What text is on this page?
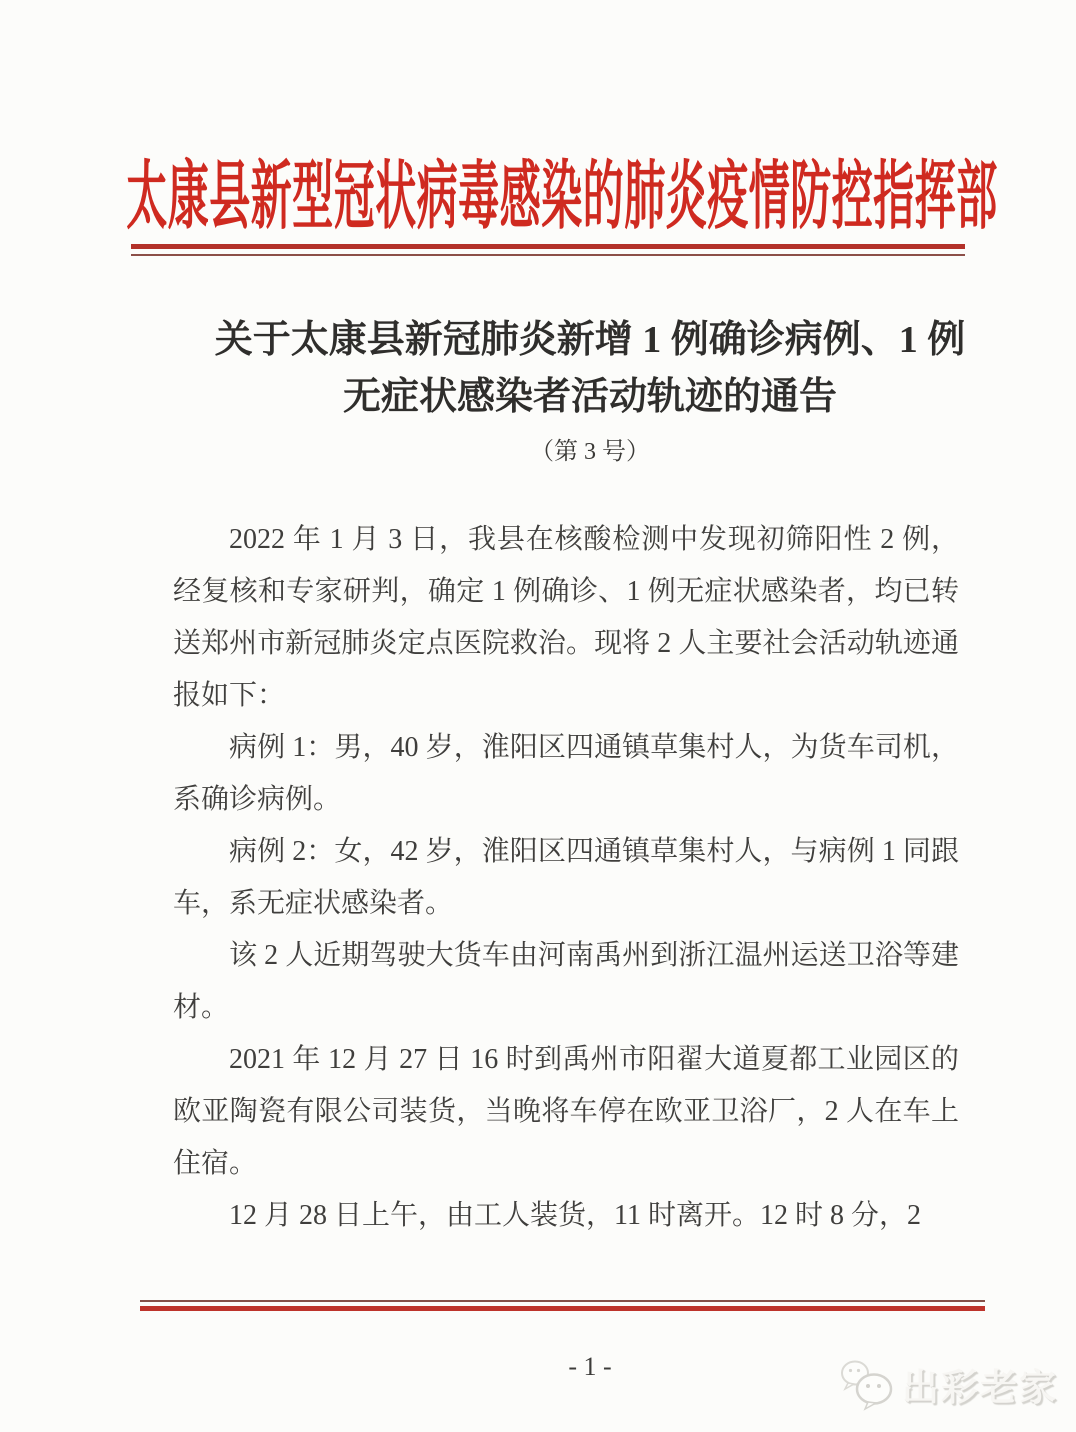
太康县新型冠状病毒感染的肺炎疫情防控指挥部
关于太康县新冠肺炎新增 1 例确诊病例、1 例
无症状感染者活动轨迹的通告
（第 3 号）

2022 年 1 月 3 日，我县在核酸检测中发现初筛阳性 2 例，经复核和专家研判，确定 1 例确诊、1 例无症状感染者，均已转送郑州市新冠肺炎定点医院救治。现将 2 人主要社会活动轨迹通报如下：

病例 1：男，40 岁，淮阳区四通镇草集村人，为货车司机，系确诊病例。

病例 2：女，42 岁，淮阳区四通镇草集村人，与病例 1 同跟车，系无症状感染者。

该 2 人近期驾驶大货车由河南禹州到浙江温州运送卫浴等建材。

2021 年 12 月 27 日 16 时到禹州市阳翟大道夏都工业园区的欧亚陶瓷有限公司装货，当晚将车停在欧亚卫浴厂，2 人在车上住宿。

12 月 28 日上午，由工人装货，11 时离开。12 时 8 分，2

- 1 -
出彩老家
